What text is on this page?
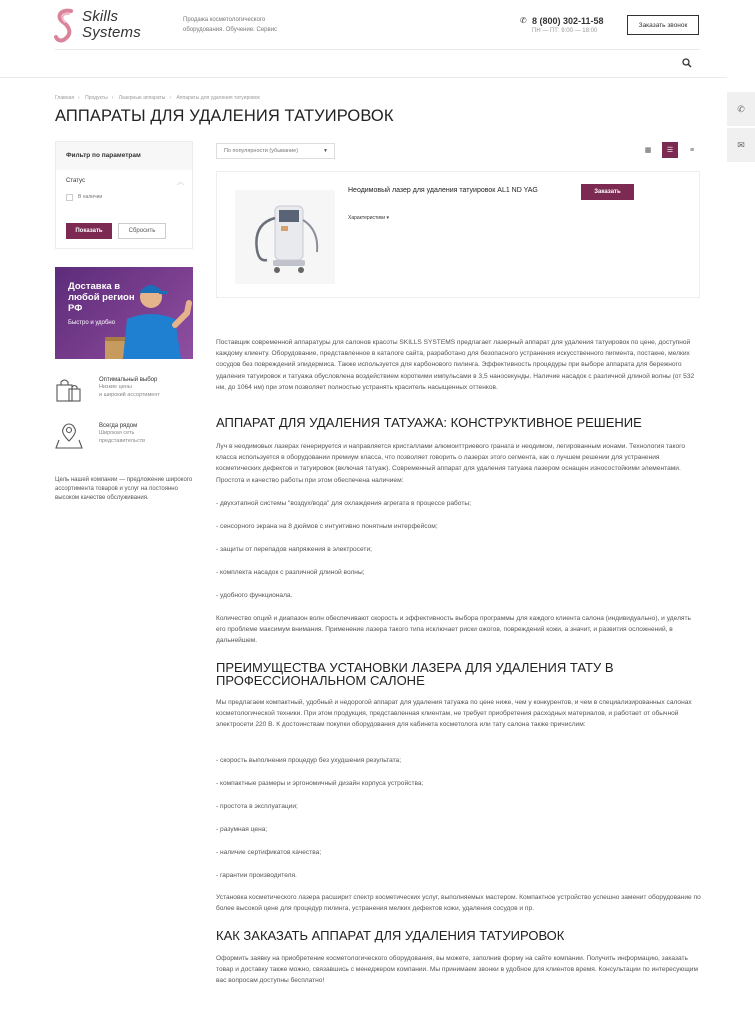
Skills
Systems
Продажа косметологического оборудования. Обучение. Сервис
✆ 8 (800) 302-11-58
ПН — ПТ: 9:00 — 18:00
Заказать звонок
✆
✉
Главная › Продукты › Лазерные аппараты › Аппараты для удаления татуировок
АППАРАТЫ ДЛЯ УДАЛЕНИЯ ТАТУИРОВОК
Фильтр по параметрам
Статус	︿
В наличии
Показать	Сбросить
Доставка в любой регион РФ
Быстро и удобно
Оптимальный выбор
Низкие цены
и широкий ассортимент
Всегда рядом
Широкая сеть
представительств
Цель нашей компании — предложение широкого ассортимента товаров и услуг на постоянно высоком качестве обслуживания.
По популярности (убывание)	▼	▦ ☰ ≡
Неодимовый лазер для удаления татуировок AL1 ND YAG
Характеристики ▾
Заказать
Поставщик современной аппаратуры для салонов красоты SKILLS SYSTEMS предлагает лазерный аппарат для удаления татуировок по цене, доступной каждому клиенту. Оборудование, представленное в каталоге сайта, разработано для безопасного устранения искусственного пигмента, постакне, мелких сосудов без повреждений эпидермиса. Также используется для карбонового пилинга. Эффективность процедуры при выборе аппарата для бережного удаления татуировок и татуажа обусловлена воздействием короткими импульсами в 3,5 наносекунды. Наличие насадок с различной длиной волны (от 532 нм, до 1064 нм) при этом позволяет полностью устранять краситель насыщенных оттенков.
АППАРАТ ДЛЯ УДАЛЕНИЯ ТАТУАЖА: КОНСТРУКТИВНОЕ РЕШЕНИЕ
Луч в неодимовых лазерах генерируется и направляется кристаллами алюмоиттриевого граната и неодимом, легированным ионами. Технология такого класса используется в оборудовании премиум класса, что позволяет говорить о лазерах этого сегмента, как о лучшем решении для устранения косметических дефектов и татуировок (включая татуаж). Современный аппарат для удаления татуажа лазером оснащен износостойкими элементами. Простота и качество работы при этом обеспечена наличием:
- двухэтапной системы "воздух/вода" для охлаждения агрегата в процессе работы;
- сенсорного экрана на 8 дюймов с интуитивно понятным интерфейсом;
- защиты от перепадов напряжения в электросети;
- комплекта насадок с различной длиной волны;
- удобного функционала.
Количество опций и диапазон волн обеспечивают скорость и эффективность выбора программы для каждого клиента салона (индивидуально), и уделять его проблеме максимум внимания. Применение лазера такого типа исключает риски ожогов, повреждений кожи, а значит, и развития осложнений, в дальнейшем.
ПРЕИМУЩЕСТВА УСТАНОВКИ ЛАЗЕРА ДЛЯ УДАЛЕНИЯ ТАТУ В ПРОФЕССИОНАЛЬНОМ САЛОНЕ
Мы предлагаем компактный, удобный и недорогой аппарат для удаления татуажа по цене ниже, чем у конкурентов, и чем в специализированных салонах косметологической техники. При этом продукция, представленная клиентам, не требует приобретения расходных материалов, и работает от обычной электросети 220 В. К достоинствам покупки оборудования для кабинета косметолога или тату салона также причислим:
- скорость выполнения процедур без ухудшения результата;
- компактные размеры и эргономичный дизайн корпуса устройства;
- простота в эксплуатации;
- разумная цена;
- наличие сертификатов качества;
- гарантии производителя.
Установка косметического лазера расширит спектр косметических услуг, выполняемых мастером. Компактное устройство успешно заменит оборудование по более высокой цене для процедур пилинга, устранения мелких дефектов кожи, удаления сосудов и пр.
КАК ЗАКАЗАТЬ АППАРАТ ДЛЯ УДАЛЕНИЯ ТАТУИРОВОК
Оформить заявку на приобретение косметологического оборудования, вы можете, заполнив форму на сайте компании. Получить информацию, заказать товар и доставку также можно, связавшись с менеджером компании. Мы принимаем звонки в удобное для клиентов время. Консультации по интересующим вас вопросам доступны бесплатно!
